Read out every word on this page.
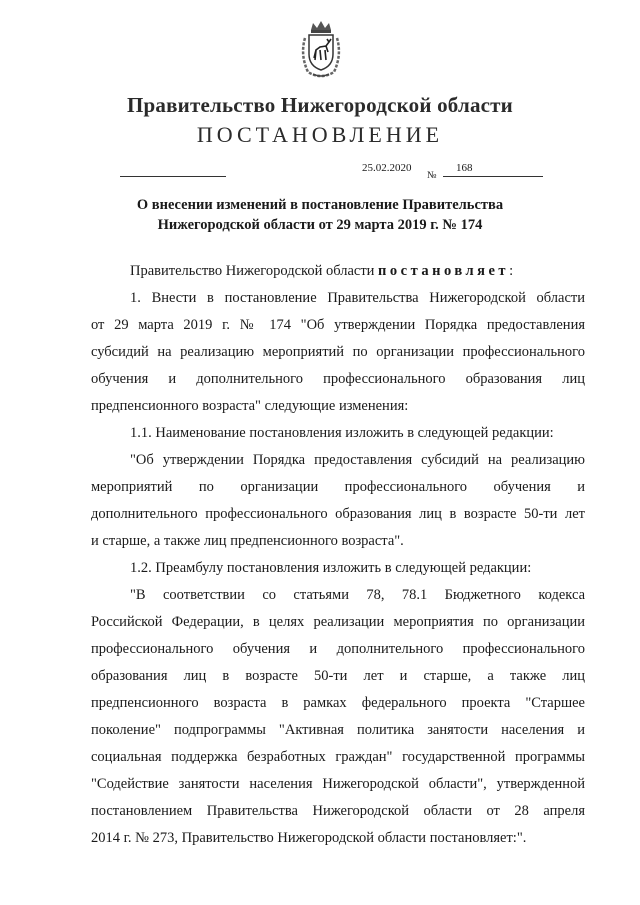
Правительство Нижегородской области
ПОСТАНОВЛЕНИЕ
25.02.2020
№
168
О внесении изменений в постановление Правительства
Нижегородской области от 29 марта 2019 г. № 174
Правительство Нижегородской области постановляет:
1. Внести в постановление Правительства Нижегородской области
от 29 марта 2019 г. № 174 "Об утверждении Порядка предоставления
субсидий на реализацию мероприятий по организации профессионального
обучения и дополнительного профессионального образования лиц
предпенсионного возраста" следующие изменения:
1.1. Наименование постановления изложить в следующей редакции:
"Об утверждении Порядка предоставления субсидий на реализацию
мероприятий по организации профессионального обучения и
дополнительного профессионального образования лиц в возрасте 50-ти лет
и старше, а также лиц предпенсионного возраста".
1.2. Преамбулу постановления изложить в следующей редакции:
"В соответствии со статьями 78, 78.1 Бюджетного кодекса
Российской Федерации, в целях реализации мероприятия по организации
профессионального обучения и дополнительного профессионального
образования лиц в возрасте 50-ти лет и старше, а также лиц
предпенсионного возраста в рамках федерального проекта "Старшее
поколение" подпрограммы "Активная политика занятости населения и
социальная поддержка безработных граждан" государственной программы
"Содействие занятости населения Нижегородской области", утвержденной
постановлением Правительства Нижегородской области от 28 апреля
2014 г. № 273, Правительство Нижегородской области постановляет:".
